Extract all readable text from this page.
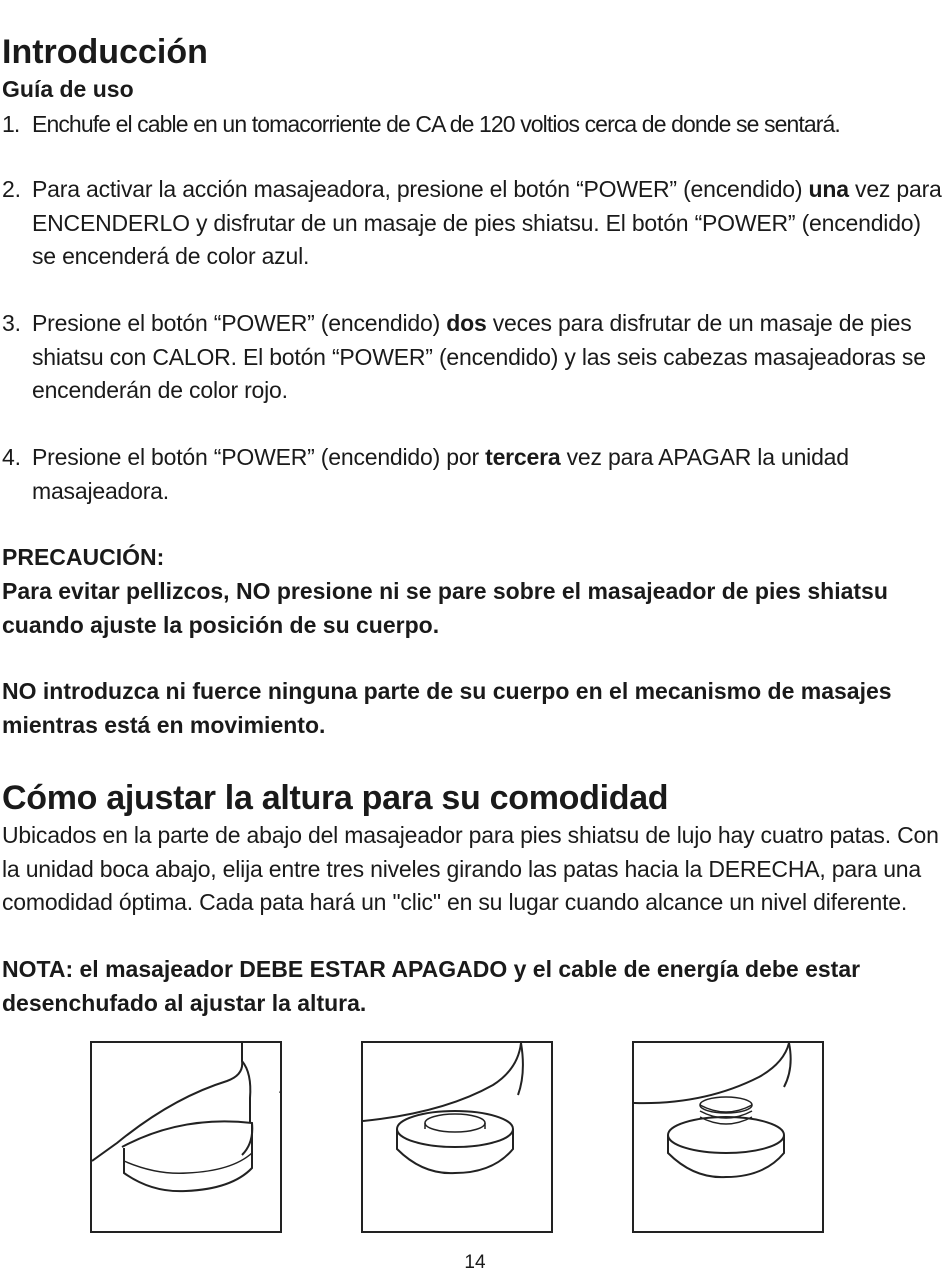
Introducción
Guía de uso
1. Enchufe el cable en un tomacorriente de CA de 120 voltios cerca de donde se sentará.
2. Para activar la acción masajeadora, presione el botón “POWER” (encendido) una vez para ENCENDERLO y disfrutar de un masaje de pies shiatsu. El botón “POWER” (encendido) se encenderá de color azul.
3. Presione el botón “POWER” (encendido) dos veces para disfrutar de un masaje de pies shiatsu con CALOR. El botón “POWER” (encendido) y las seis cabezas masajeadoras se encenderán de color rojo.
4. Presione el botón “POWER” (encendido) por tercera vez para APAGAR la unidad masajeadora.

PRECAUCIÓN:

Para evitar pellizcos, NO presione ni se pare sobre el masajeador de pies shiatsu cuando ajuste la posición de su cuerpo.

NO introduzca ni fuerce ninguna parte de su cuerpo en el mecanismo de masajes mientras está en movimiento.

Cómo ajustar la altura para su comodidad

Ubicados en la parte de abajo del masajeador para pies shiatsu de lujo hay cuatro patas. Con la unidad boca abajo, elija entre tres niveles girando las patas hacia la DERECHA, para una comodidad óptima. Cada pata hará un "clic" en su lugar cuando alcance un nivel diferente.

NOTA: el masajeador DEBE ESTAR APAGADO y el cable de energía debe estar desenchufado al ajustar la altura.

14
